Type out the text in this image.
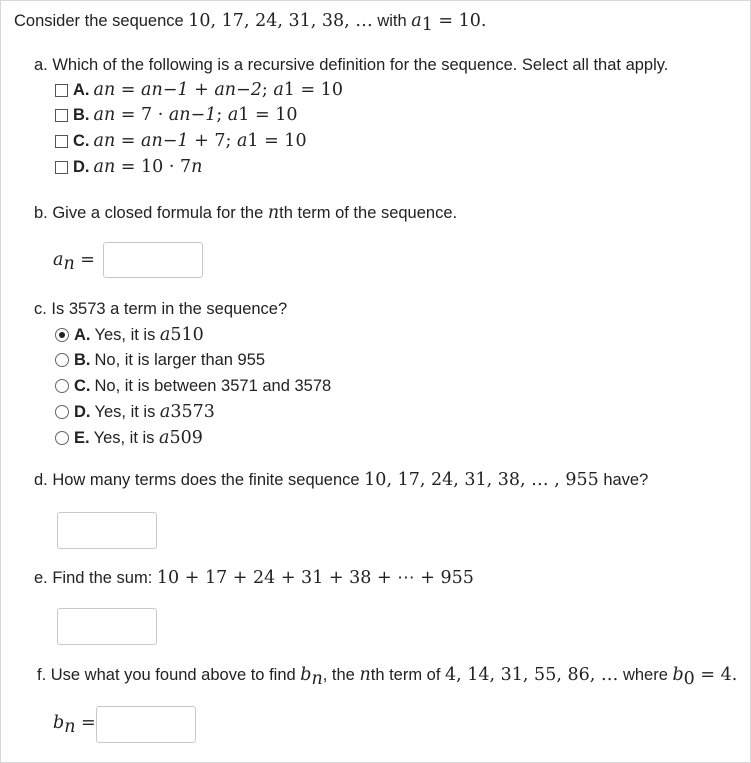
Consider the sequence 10, 17, 24, 31, 38, … with $a_1 = 10$.
a. Which of the following is a recursive definition for the sequence. Select all that apply.
A. a n = a n−1 + a n−2 ; a 1 = 10
B. a n = 7 · a n−1 ; a 1 = 10
C. a n = a n−1 + 7 ; a 1 = 10
D. a n = 10 · 7 n
b. Give a closed formula for the nth term of the sequence.
$a_n$ =
c. Is 3573 a term in the sequence?
A. Yes, it is a 510
B. No, it is larger than 955
C. No, it is between 3571 and 3578
D. Yes, it is a 3573
E. Yes, it is a 509
d. How many terms does the finite sequence 10, 17, 24, 31, 38, … , 955 have?
e. Find the sum: 10 + 17 + 24 + 31 + 38 + ⋯ + 955
f. Use what you found above to find $b_n$, the nth term of 4, 14, 31, 55, 86, … where $b_0 = 4$.
$b_n$ =
